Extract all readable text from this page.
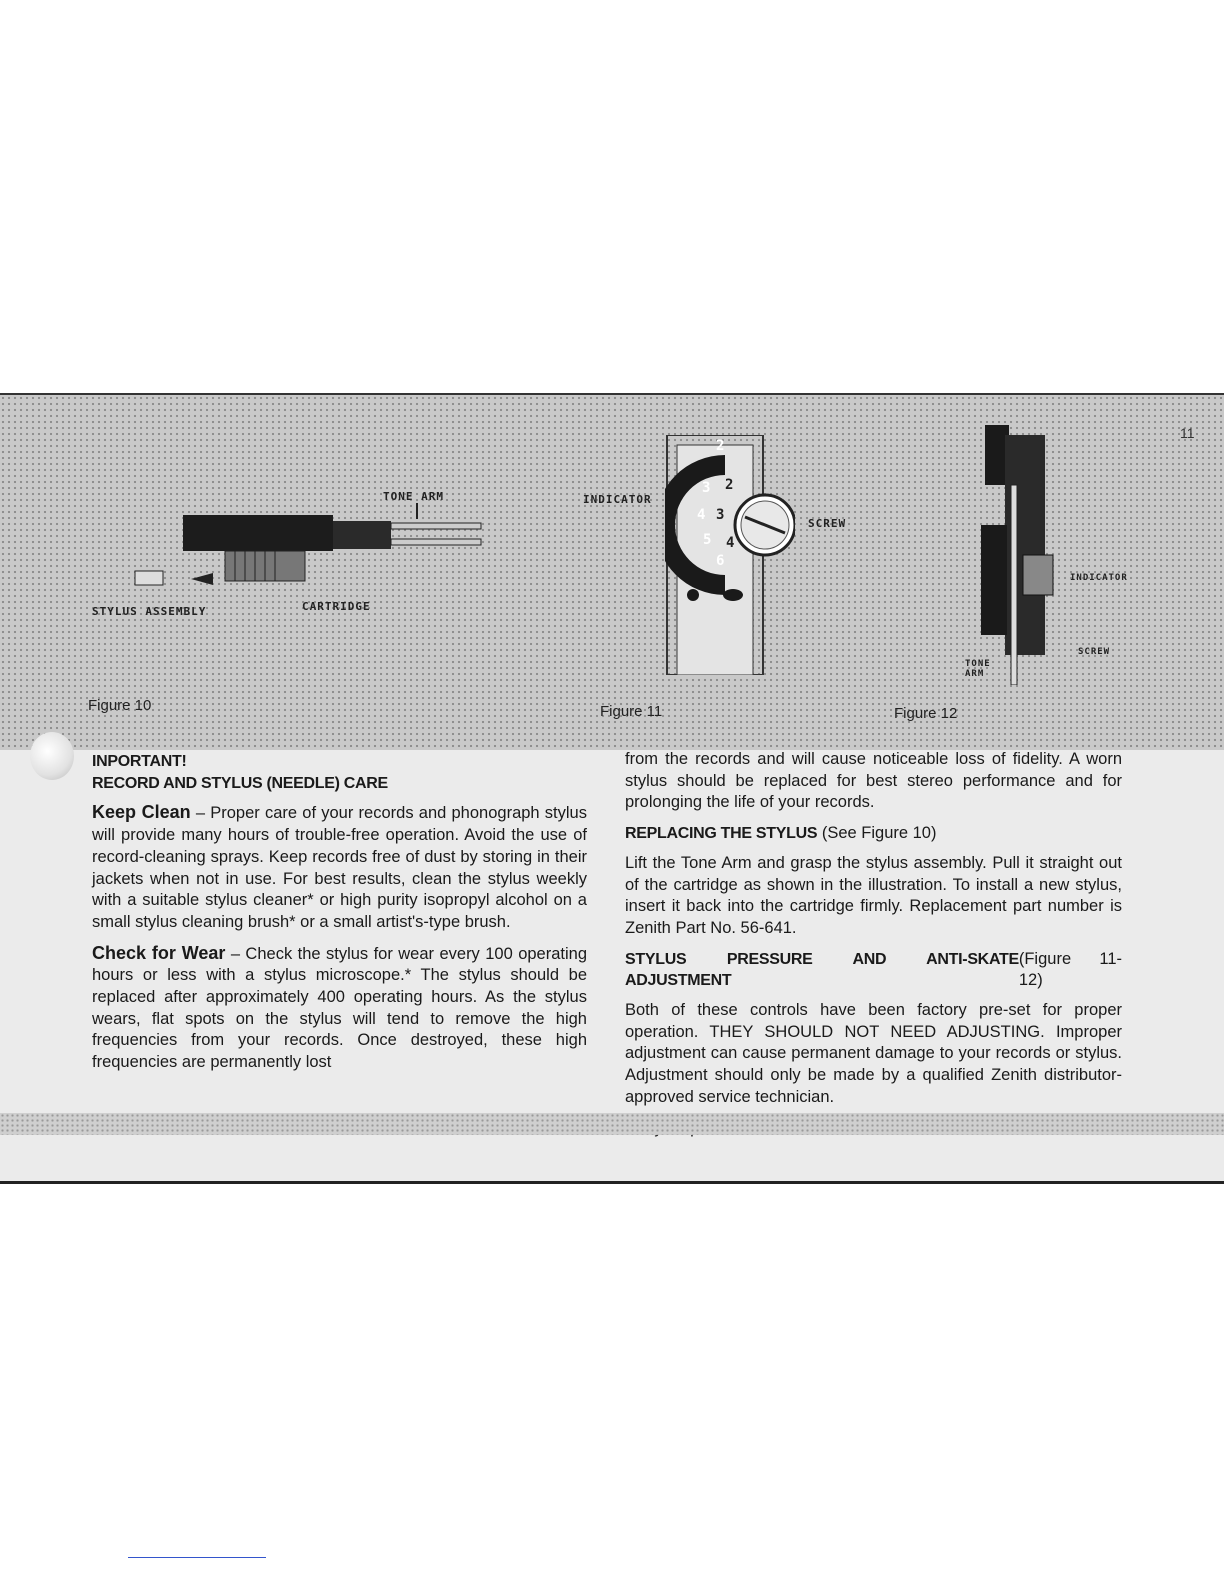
11
TONE ARM
STYLUS ASSEMBLY	CARTRIDGE
Figure 10
2
3
4
5
6
2
3
4
INDICATOR
SCREW
Figure 11
INDICATOR
SCREW
TONE ARM
Figure 12
INPORTANT!
RECORD AND STYLUS (NEEDLE) CARE

Keep Clean – Proper care of your records and phonograph stylus will provide many hours of trouble-free operation. Avoid the use of record-cleaning sprays. Keep records free of dust by storing in their jackets when not in use. For best results, clean the stylus weekly with a suitable stylus cleaner* or high purity isopropyl alcohol on a small stylus cleaning brush* or a small artist's-type brush.

Check for Wear – Check the stylus for wear every 100 operating hours or less with a stylus microscope.* The stylus should be replaced after approximately 400 operating hours. As the stylus wears, flat spots on the stylus will tend to remove the high frequencies from your records. Once destroyed, these high frequencies are permanently lost

from the records and will cause noticeable loss of fidelity. A worn stylus should be replaced for best stereo performance and for prolonging the life of your records.

REPLACING THE STYLUS (See Figure 10)

Lift the Tone Arm and grasp the stylus assembly. Pull it straight out of the cartridge as shown in the illustration. To install a new stylus, insert it back into the cartridge firmly. Replacement part number is Zenith Part No. 56-641.

STYLUS PRESSURE AND ANTI-SKATE ADJUSTMENT
(Figure 11-12)

Both of these controls have been factory pre-set for proper operation. THEY SHOULD NOT NEED ADJUSTING. Improper adjustment can cause permanent damage to your records or stylus. Adjustment should only be made by a qualified Zenith distributor-approved service technician.
